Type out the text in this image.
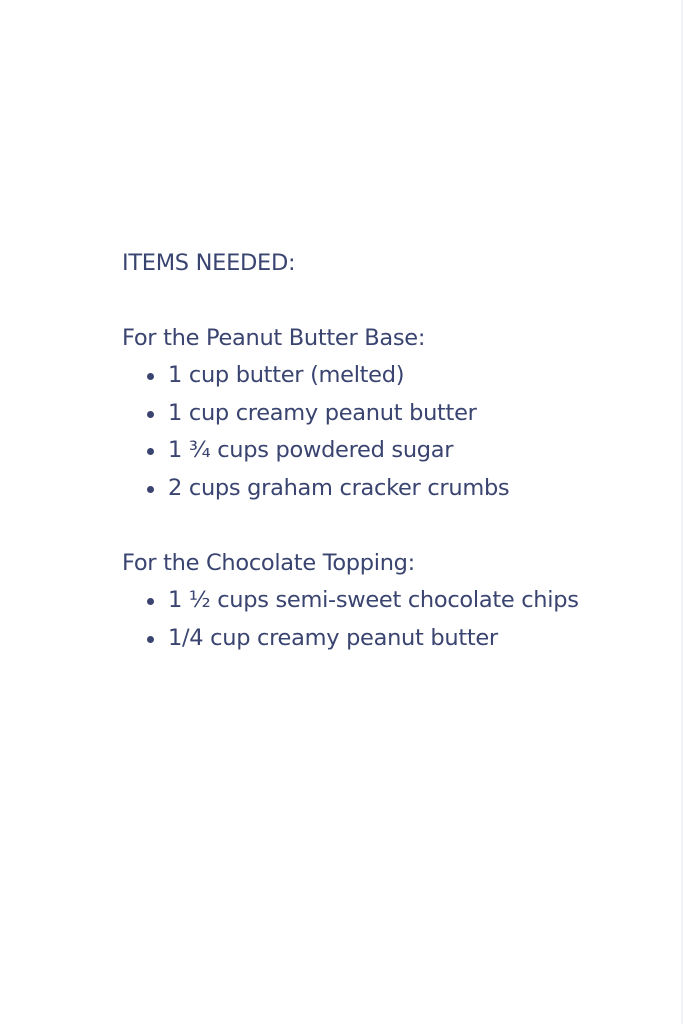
ITEMS NEEDED:

For the Peanut Butter Base:

1 cup butter (melted)
1 cup creamy peanut butter
1 ¾ cups powdered sugar
2 cups graham cracker crumbs

For the Chocolate Topping:

1 ½ cups semi-sweet chocolate chips
1/4 cup creamy peanut butter
